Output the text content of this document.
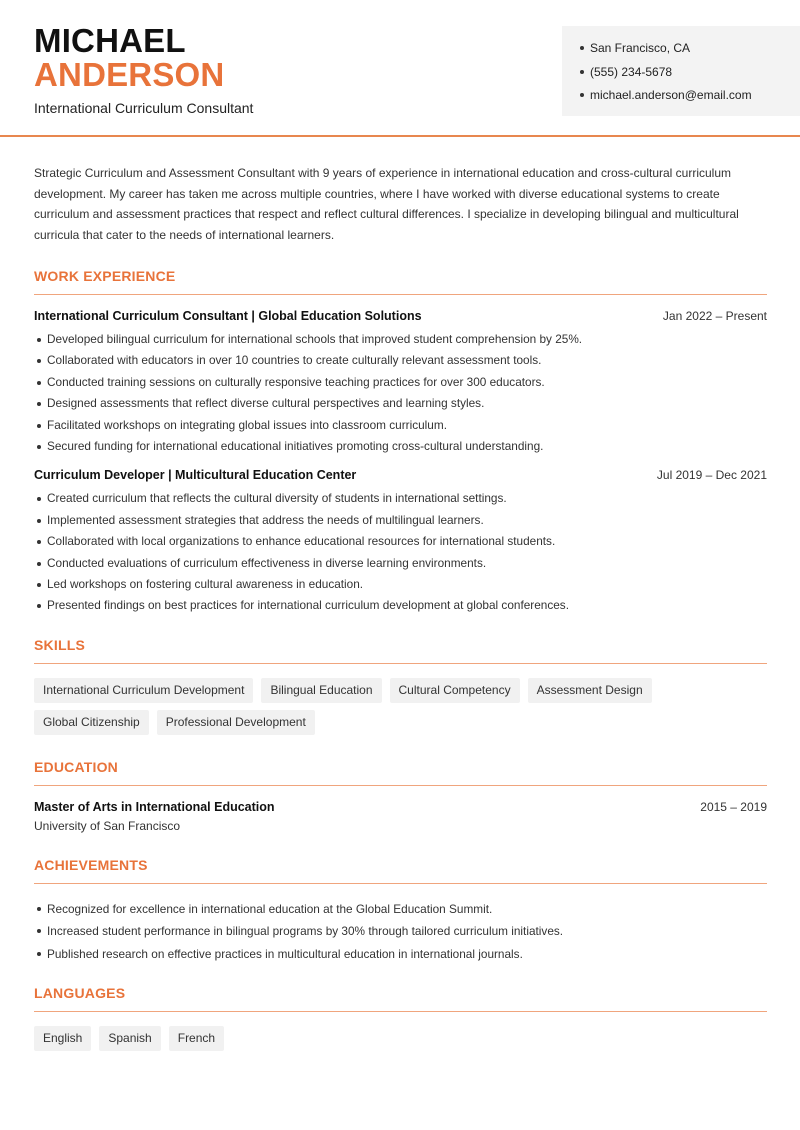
MICHAEL
ANDERSON
International Curriculum Consultant
San Francisco, CA
(555) 234-5678
michael.anderson@email.com

Strategic Curriculum and Assessment Consultant with 9 years of experience in international education and cross-cultural curriculum development. My career has taken me across multiple countries, where I have worked with diverse educational systems to create curriculum and assessment practices that respect and reflect cultural differences. I specialize in developing bilingual and multicultural curricula that cater to the needs of international learners.

WORK EXPERIENCE
International Curriculum Consultant | Global Education Solutions	Jan 2022 – Present
Developed bilingual curriculum for international schools that improved student comprehension by 25%.
Collaborated with educators in over 10 countries to create culturally relevant assessment tools.
Conducted training sessions on culturally responsive teaching practices for over 300 educators.
Designed assessments that reflect diverse cultural perspectives and learning styles.
Facilitated workshops on integrating global issues into classroom curriculum.
Secured funding for international educational initiatives promoting cross-cultural understanding.
Curriculum Developer | Multicultural Education Center	Jul 2019 – Dec 2021
Created curriculum that reflects the cultural diversity of students in international settings.
Implemented assessment strategies that address the needs of multilingual learners.
Collaborated with local organizations to enhance educational resources for international students.
Conducted evaluations of curriculum effectiveness in diverse learning environments.
Led workshops on fostering cultural awareness in education.
Presented findings on best practices for international curriculum development at global conferences.
SKILLS
International Curriculum Development	Bilingual Education	Cultural Competency	Assessment Design
Global Citizenship	Professional Development
EDUCATION
Master of Arts in International Education	2015 – 2019
University of San Francisco
ACHIEVEMENTS
Recognized for excellence in international education at the Global Education Summit.
Increased student performance in bilingual programs by 30% through tailored curriculum initiatives.
Published research on effective practices in multicultural education in international journals.
LANGUAGES
English	Spanish	French
